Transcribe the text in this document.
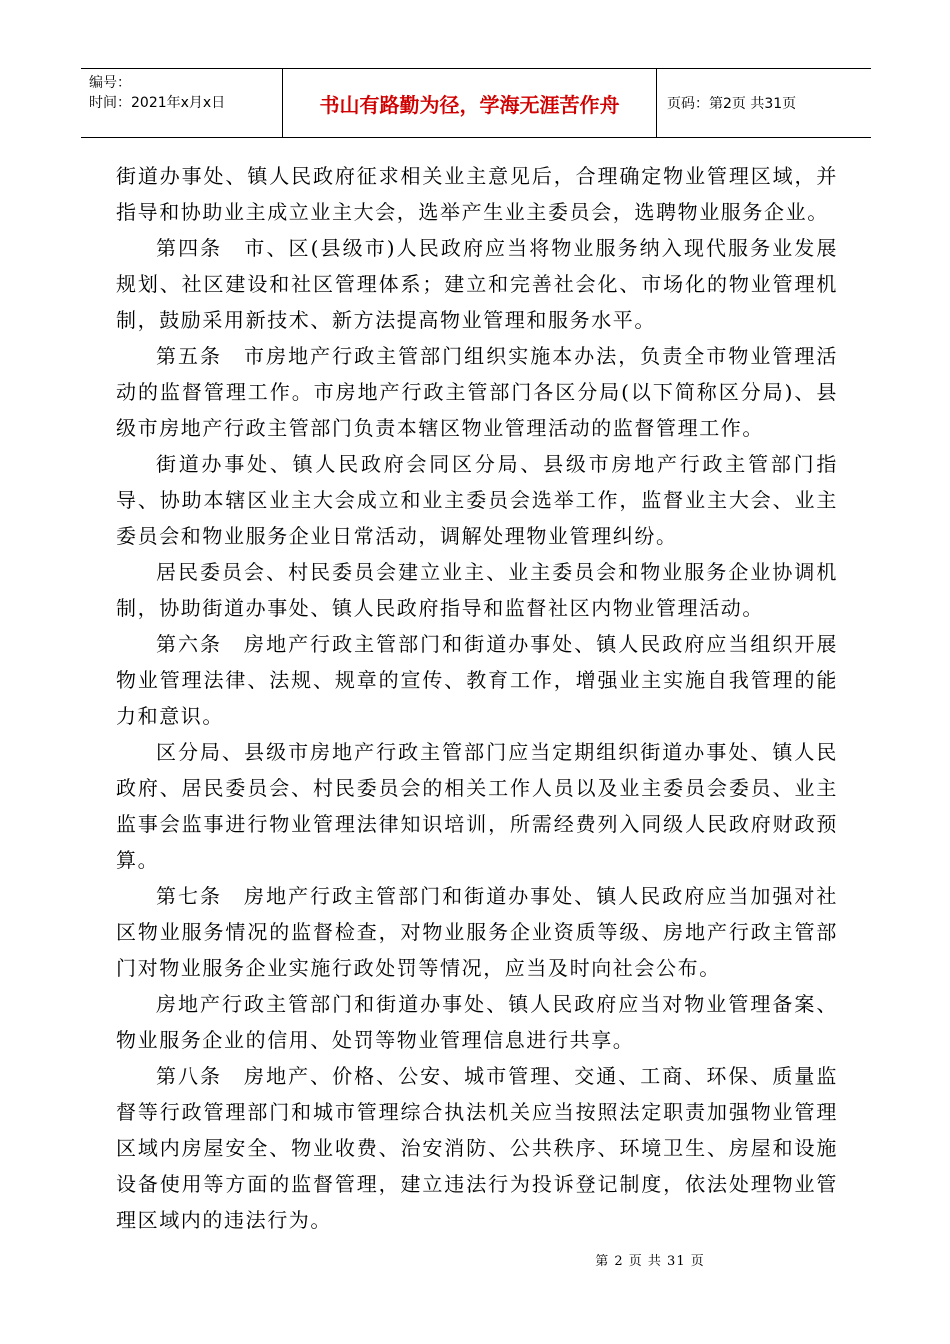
编号：
时间：2021年x月x日	书山有路勤为径，学海无涯苦作舟	页码：第2页 共31页

街道办事处、镇人民政府征求相关业主意见后，合理确定物业管理区域，并指导和协助业主成立业主大会，选举产生业主委员会，选聘物业服务企业。

第四条　市、区(县级市)人民政府应当将物业服务纳入现代服务业发展规划、社区建设和社区管理体系；建立和完善社会化、市场化的物业管理机制，鼓励采用新技术、新方法提高物业管理和服务水平。

第五条　市房地产行政主管部门组织实施本办法，负责全市物业管理活动的监督管理工作。市房地产行政主管部门各区分局(以下简称区分局)、县级市房地产行政主管部门负责本辖区物业管理活动的监督管理工作。

街道办事处、镇人民政府会同区分局、县级市房地产行政主管部门指导、协助本辖区业主大会成立和业主委员会选举工作，监督业主大会、业主委员会和物业服务企业日常活动，调解处理物业管理纠纷。

居民委员会、村民委员会建立业主、业主委员会和物业服务企业协调机制，协助街道办事处、镇人民政府指导和监督社区内物业管理活动。

第六条　房地产行政主管部门和街道办事处、镇人民政府应当组织开展物业管理法律、法规、规章的宣传、教育工作，增强业主实施自我管理的能力和意识。

区分局、县级市房地产行政主管部门应当定期组织街道办事处、镇人民政府、居民委员会、村民委员会的相关工作人员以及业主委员会委员、业主监事会监事进行物业管理法律知识培训，所需经费列入同级人民政府财政预算。

第七条　房地产行政主管部门和街道办事处、镇人民政府应当加强对社区物业服务情况的监督检查，对物业服务企业资质等级、房地产行政主管部门对物业服务企业实施行政处罚等情况，应当及时向社会公布。

房地产行政主管部门和街道办事处、镇人民政府应当对物业管理备案、物业服务企业的信用、处罚等物业管理信息进行共享。

第八条　房地产、价格、公安、城市管理、交通、工商、环保、质量监督等行政管理部门和城市管理综合执法机关应当按照法定职责加强物业管理区域内房屋安全、物业收费、治安消防、公共秩序、环境卫生、房屋和设施设备使用等方面的监督管理，建立违法行为投诉登记制度，依法处理物业管理区域内的违法行为。

第 2 页 共 31 页
